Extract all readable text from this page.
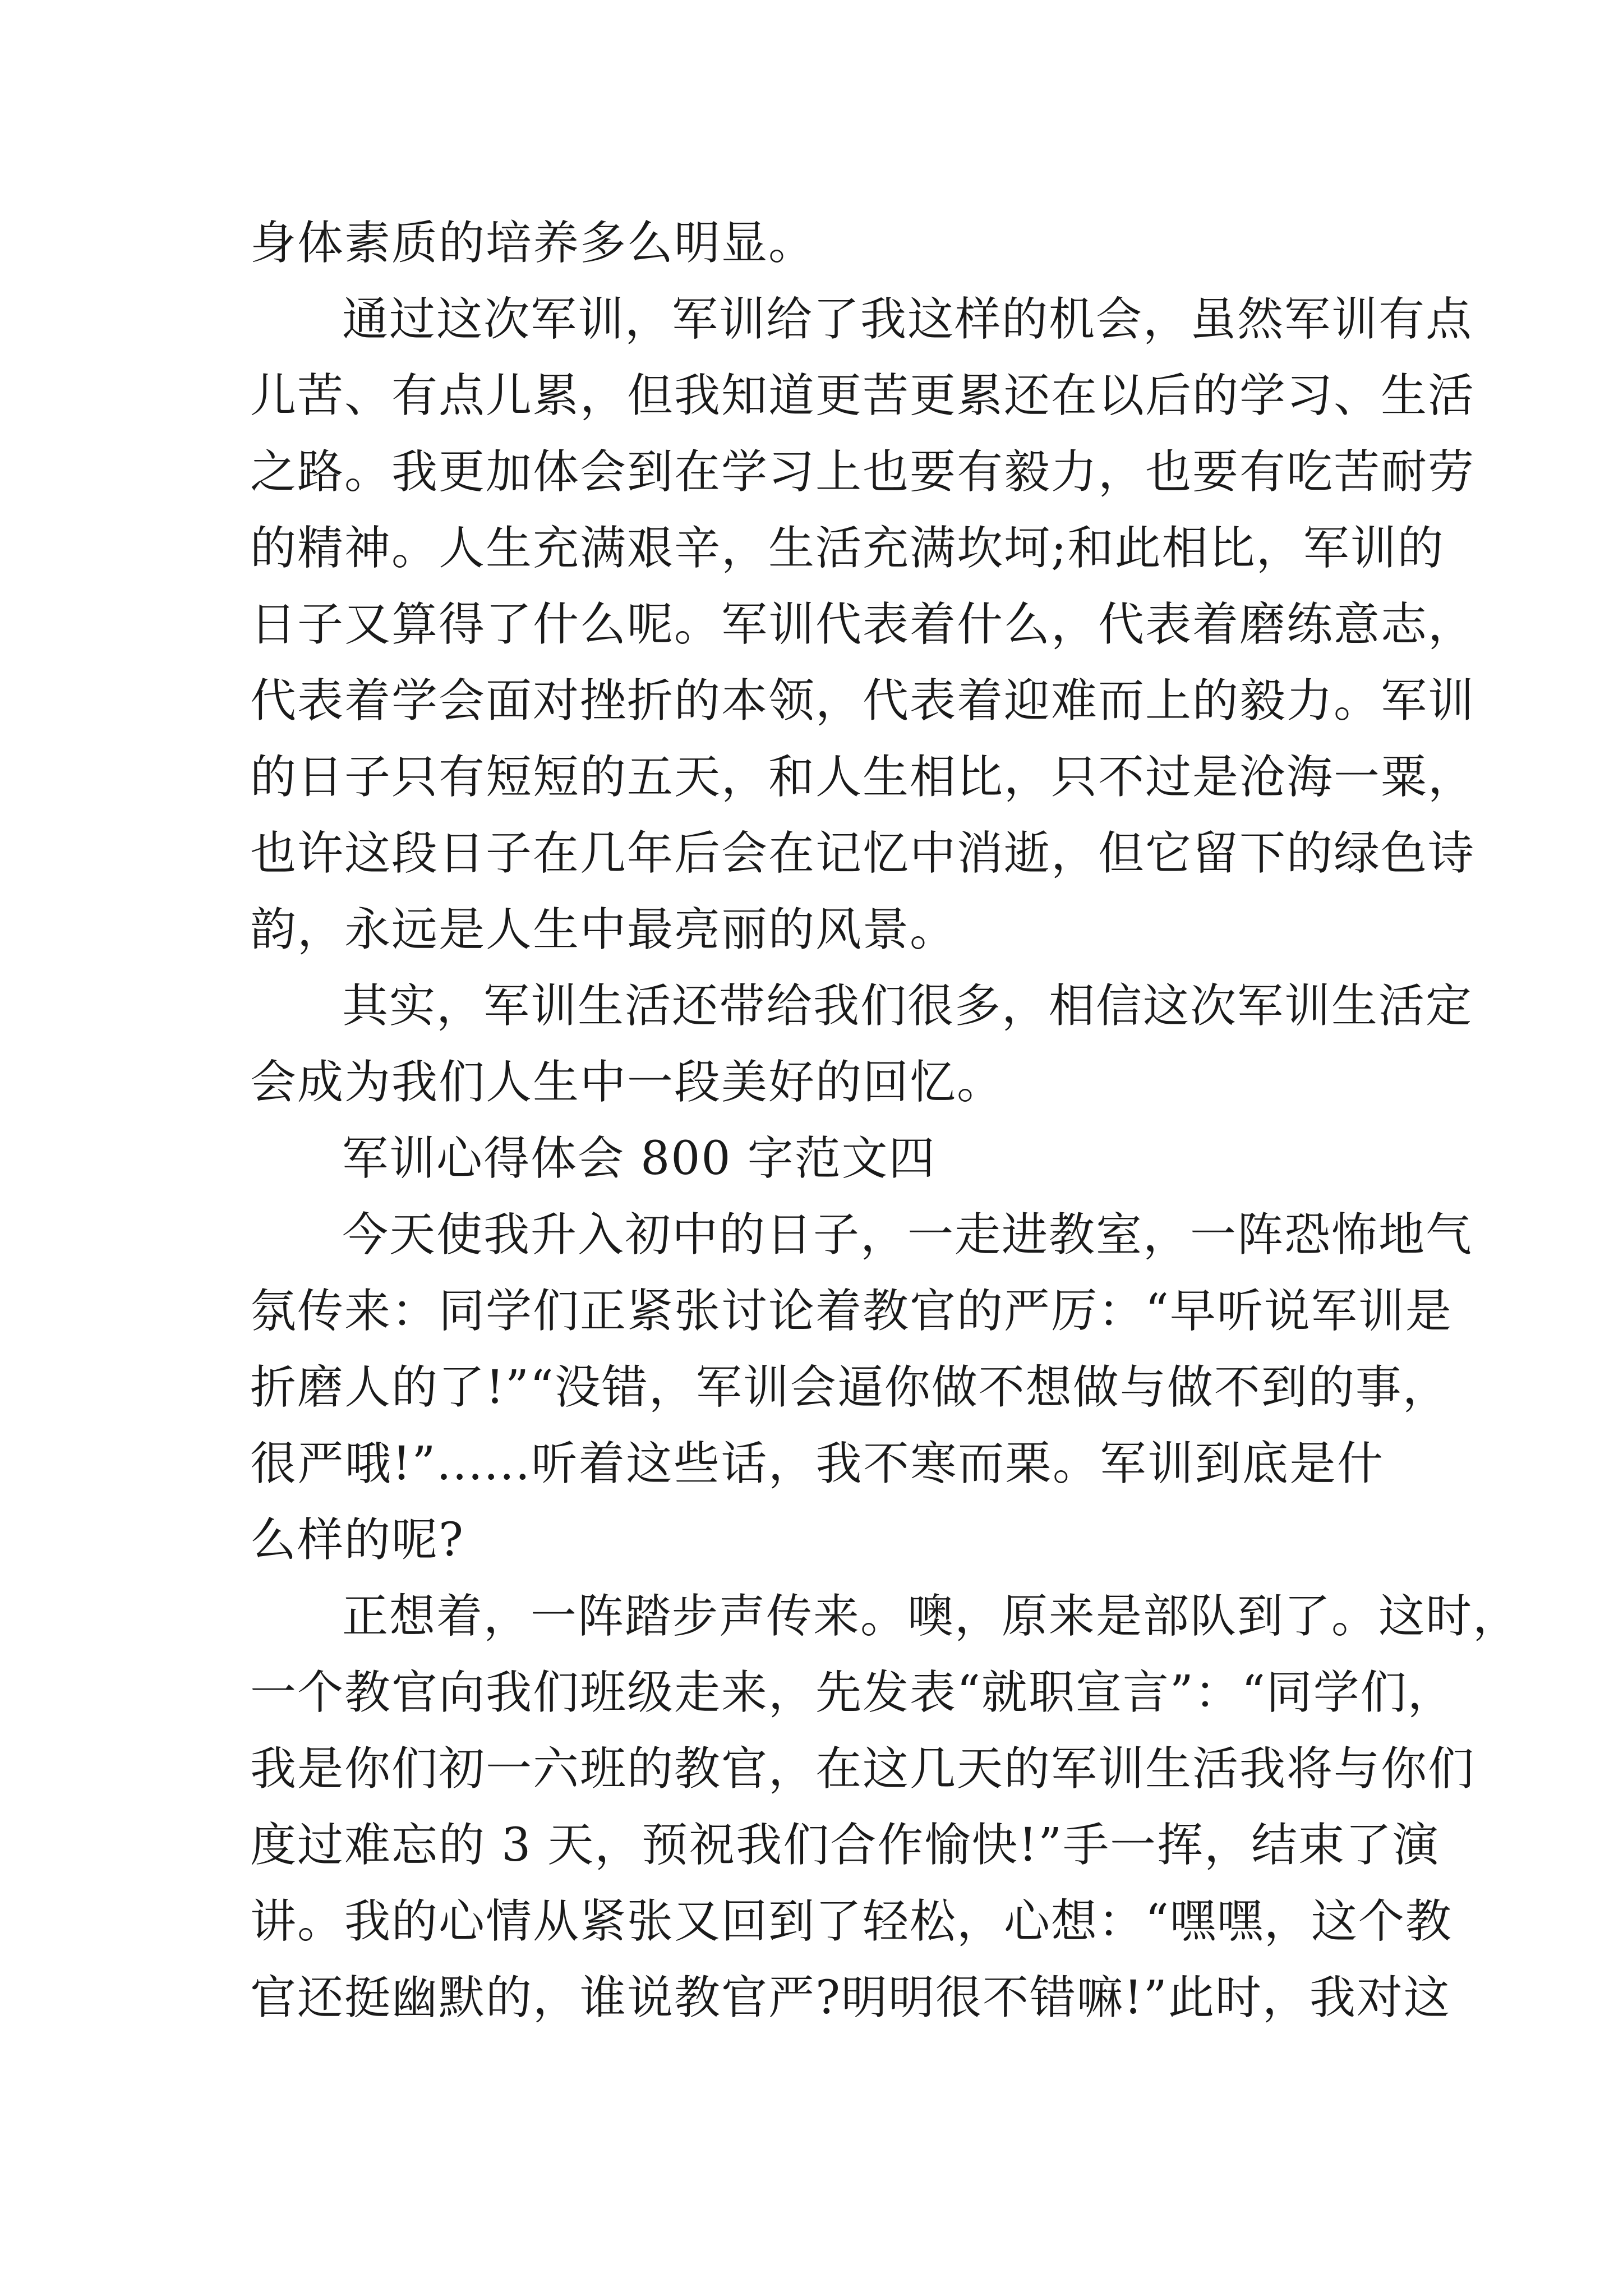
身体素质的培养多么明显。
通过这次军训，军训给了我这样的机会，虽然军训有点
儿苦、有点儿累，但我知道更苦更累还在以后的学习、生活
之路。我更加体会到在学习上也要有毅力，也要有吃苦耐劳
的精神。人生充满艰辛，生活充满坎坷;和此相比，军训的
日子又算得了什么呢。军训代表着什么，代表着磨练意志，
代表着学会面对挫折的本领，代表着迎难而上的毅力。军训
的日子只有短短的五天，和人生相比，只不过是沧海一粟，
也许这段日子在几年后会在记忆中消逝，但它留下的绿色诗
韵，永远是人生中最亮丽的风景。
其实，军训生活还带给我们很多，相信这次军训生活定
会成为我们人生中一段美好的回忆。
军训心得体会 800 字范文四
今天使我升入初中的日子，一走进教室，一阵恐怖地气
氛传来：同学们正紧张讨论着教官的严厉：“早听说军训是
折磨人的了!”“没错，军训会逼你做不想做与做不到的事，
很严哦!”......听着这些话，我不寒而栗。军训到底是什
么样的呢?
正想着，一阵踏步声传来。噢，原来是部队到了。这时，
一个教官向我们班级走来，先发表“就职宣言”：“同学们，
我是你们初一六班的教官，在这几天的军训生活我将与你们
度过难忘的 3 天，预祝我们合作愉快!”手一挥，结束了演
讲。我的心情从紧张又回到了轻松，心想：“嘿嘿，这个教
官还挺幽默的，谁说教官严?明明很不错嘛!”此时，我对这
